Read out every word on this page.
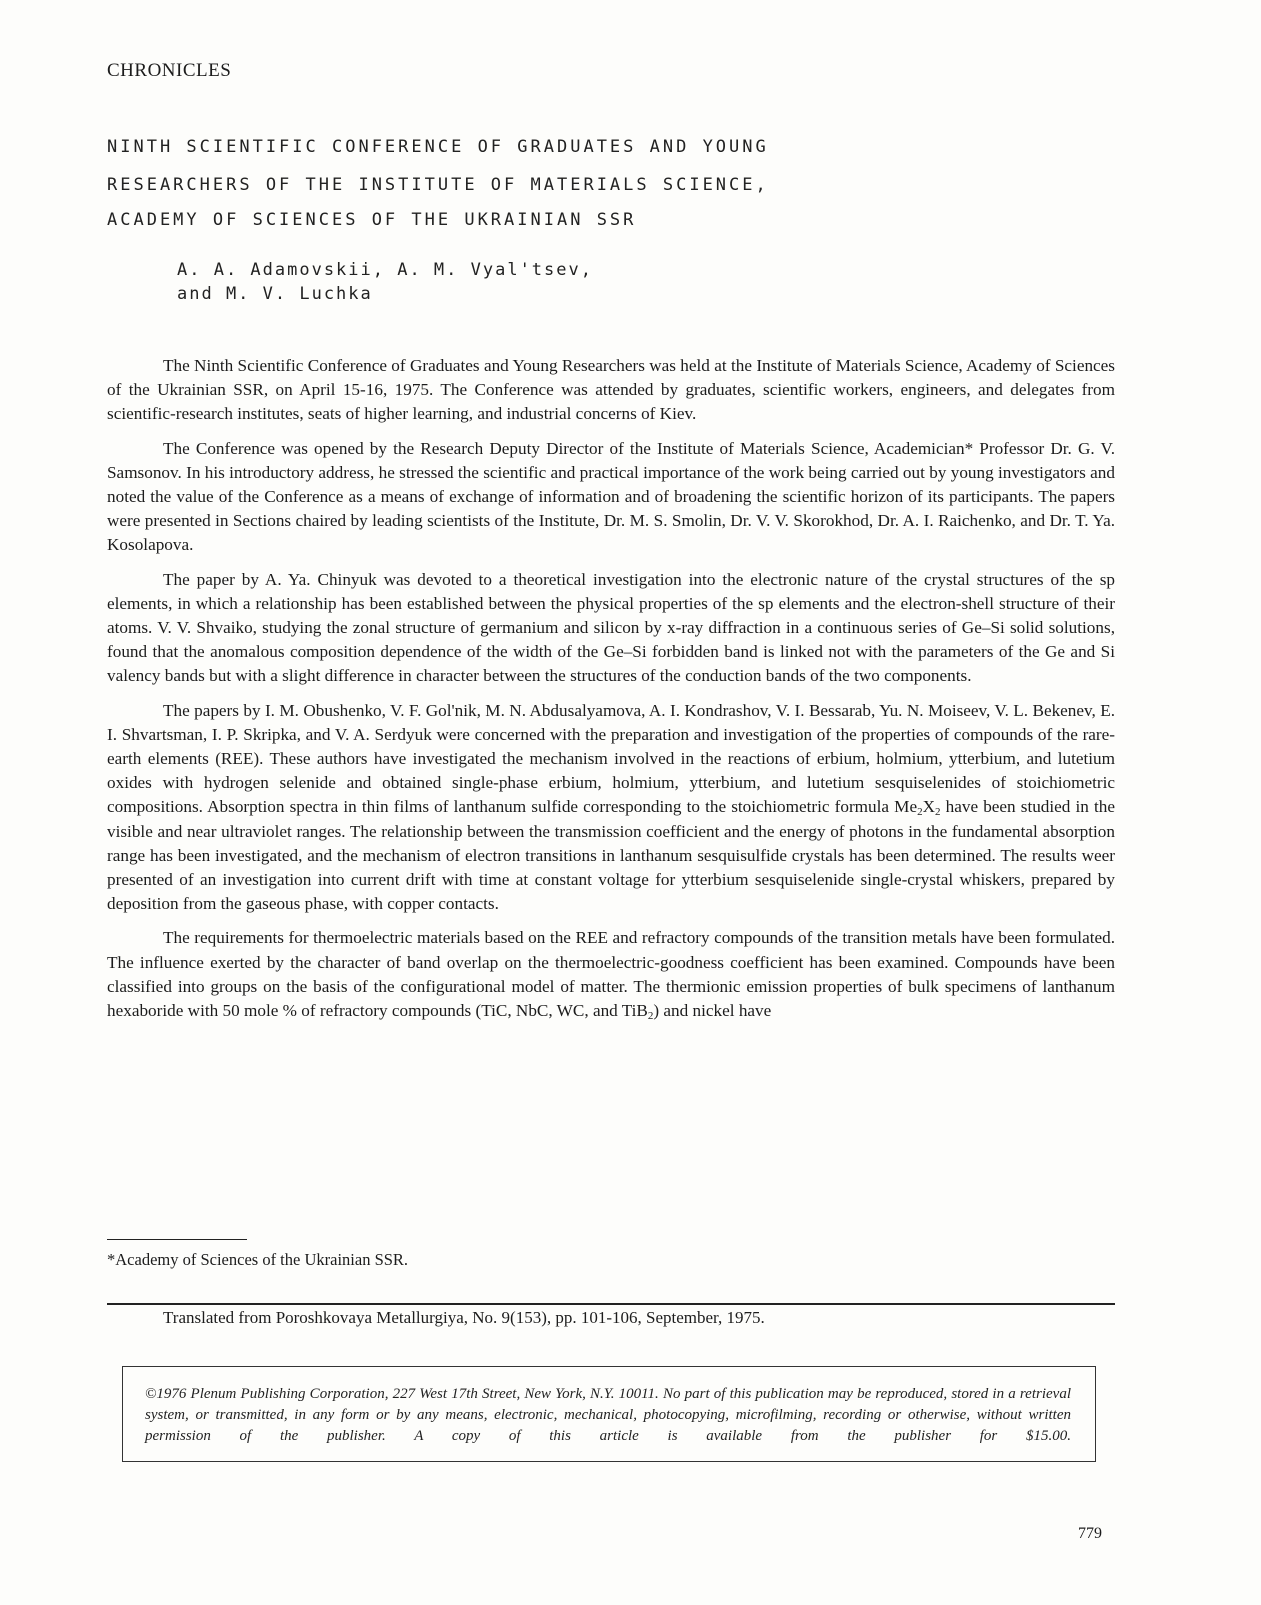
CHRONICLES
NINTH SCIENTIFIC CONFERENCE OF GRADUATES AND YOUNG
RESEARCHERS OF THE INSTITUTE OF MATERIALS SCIENCE,
ACADEMY OF SCIENCES OF THE UKRAINIAN SSR
A. A. Adamovskii, A. M. Vyal'tsev,
and M. V. Luchka

The Ninth Scientific Conference of Graduates and Young Researchers was held at the Institute of Materials Science, Academy of Sciences of the Ukrainian SSR, on April 15-16, 1975. The Conference was attended by graduates, scientific workers, engineers, and delegates from scientific-research institutes, seats of higher learning, and industrial concerns of Kiev.

The Conference was opened by the Research Deputy Director of the Institute of Materials Science, Academician* Professor Dr. G. V. Samsonov. In his introductory address, he stressed the scientific and practical importance of the work being carried out by young investigators and noted the value of the Conference as a means of exchange of information and of broadening the scientific horizon of its participants. The papers were presented in Sections chaired by leading scientists of the Institute, Dr. M. S. Smolin, Dr. V. V. Skorokhod, Dr. A. I. Raichenko, and Dr. T. Ya. Kosolapova.

The paper by A. Ya. Chinyuk was devoted to a theoretical investigation into the electronic nature of the crystal structures of the sp elements, in which a relationship has been established between the physical properties of the sp elements and the electron-shell structure of their atoms. V. V. Shvaiko, studying the zonal structure of germanium and silicon by x-ray diffraction in a continuous series of Ge–Si solid solutions, found that the anomalous composition dependence of the width of the Ge–Si forbidden band is linked not with the parameters of the Ge and Si valency bands but with a slight difference in character between the structures of the conduction bands of the two components.

The papers by I. M. Obushenko, V. F. Gol'nik, M. N. Abdusalyamova, A. I. Kondrashov, V. I. Bessarab, Yu. N. Moiseev, V. L. Bekenev, E. I. Shvartsman, I. P. Skripka, and V. A. Serdyuk were concerned with the preparation and investigation of the properties of compounds of the rare-earth elements (REE). These authors have investigated the mechanism involved in the reactions of erbium, holmium, ytterbium, and lutetium oxides with hydrogen selenide and obtained single-phase erbium, holmium, ytterbium, and lutetium sesquiselenides of stoichiometric compositions. Absorption spectra in thin films of lanthanum sulfide corresponding to the stoichiometric formula $Me_2X_2$ have been studied in the visible and near ultraviolet ranges. The relationship between the transmission coefficient and the energy of photons in the fundamental absorption range has been investigated, and the mechanism of electron transitions in lanthanum sesquisulfide crystals has been determined. The results weer presented of an investigation into current drift with time at constant voltage for ytterbium sesquiselenide single-crystal whiskers, prepared by deposition from the gaseous phase, with copper contacts.

The requirements for thermoelectric materials based on the REE and refractory compounds of the transition metals have been formulated. The influence exerted by the character of band overlap on the thermoelectric-goodness coefficient has been examined. Compounds have been classified into groups on the basis of the configurational model of matter. The thermionic emission properties of bulk specimens of lanthanum hexaboride with 50 mole % of refractory compounds (TiC, NbC, WC, and TiB$_2$) and nickel have

*Academy of Sciences of the Ukrainian SSR.
Translated from Poroshkovaya Metallurgiya, No. 9(153), pp. 101-106, September, 1975.
©1976 Plenum Publishing Corporation, 227 West 17th Street, New York, N.Y. 10011. No part of this publication may be reproduced, stored in a retrieval system, or transmitted, in any form or by any means, electronic, mechanical, photocopying, microfilming, recording or otherwise, without written permission of the publisher. A copy of this article is available from the publisher for $15.00.
779
